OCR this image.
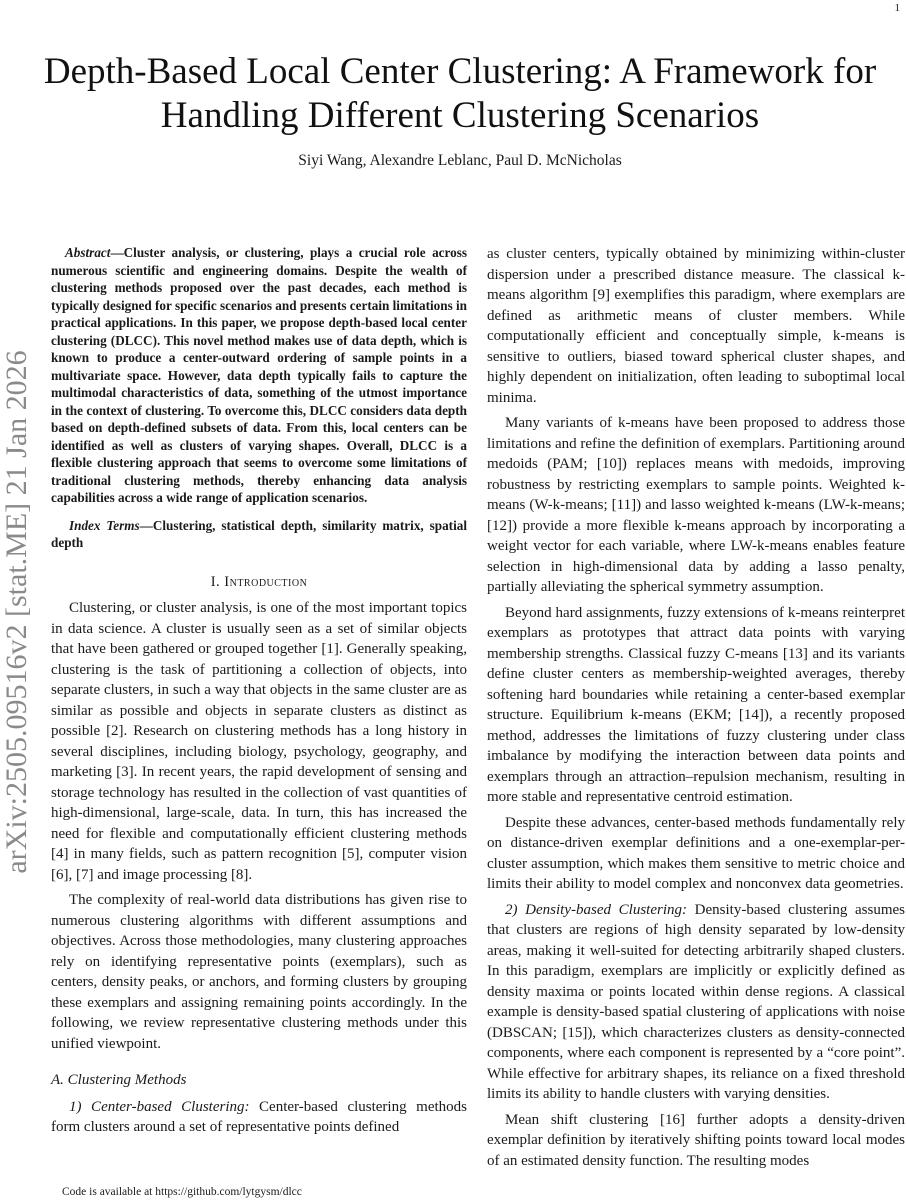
1
arXiv:2505.09516v2 [stat.ME] 21 Jan 2026
Depth-Based Local Center Clustering: A Framework for Handling Different Clustering Scenarios
Siyi Wang, Alexandre Leblanc, Paul D. McNicholas

Abstract—Cluster analysis, or clustering, plays a crucial role across numerous scientific and engineering domains. Despite the wealth of clustering methods proposed over the past decades, each method is typically designed for specific scenarios and presents certain limitations in practical applications. In this paper, we propose depth-based local center clustering (DLCC). This novel method makes use of data depth, which is known to produce a center-outward ordering of sample points in a multivariate space. However, data depth typically fails to capture the multimodal characteristics of data, something of the utmost importance in the context of clustering. To overcome this, DLCC considers data depth based on depth-defined subsets of data. From this, local centers can be identified as well as clusters of varying shapes. Overall, DLCC is a flexible clustering approach that seems to overcome some limitations of traditional clustering methods, thereby enhancing data analysis capabilities across a wide range of application scenarios.

Index Terms—Clustering, statistical depth, similarity matrix, spatial depth

I. Introduction

Clustering, or cluster analysis, is one of the most important topics in data science. A cluster is usually seen as a set of similar objects that have been gathered or grouped together [1]. Generally speaking, clustering is the task of partitioning a collection of objects, into separate clusters, in such a way that objects in the same cluster are as similar as possible and objects in separate clusters as distinct as possible [2]. Research on clustering methods has a long history in several disciplines, including biology, psychology, geography, and marketing [3]. In recent years, the rapid development of sensing and storage technology has resulted in the collection of vast quantities of high-dimensional, large-scale, data. In turn, this has increased the need for flexible and computationally efficient clustering methods [4] in many fields, such as pattern recognition [5], computer vision [6], [7] and image processing [8].

The complexity of real-world data distributions has given rise to numerous clustering algorithms with different assumptions and objectives. Across those methodologies, many clustering approaches rely on identifying representative points (exemplars), such as centers, density peaks, or anchors, and forming clusters by grouping these exemplars and assigning remaining points accordingly. In the following, we review representative clustering methods under this unified viewpoint.

A. Clustering Methods

1) Center-based Clustering: Center-based clustering methods form clusters around a set of representative points defined

as cluster centers, typically obtained by minimizing within-cluster dispersion under a prescribed distance measure. The classical k-means algorithm [9] exemplifies this paradigm, where exemplars are defined as arithmetic means of cluster members. While computationally efficient and conceptually simple, k-means is sensitive to outliers, biased toward spherical cluster shapes, and highly dependent on initialization, often leading to suboptimal local minima.

Many variants of k-means have been proposed to address those limitations and refine the definition of exemplars. Partitioning around medoids (PAM; [10]) replaces means with medoids, improving robustness by restricting exemplars to sample points. Weighted k-means (W-k-means; [11]) and lasso weighted k-means (LW-k-means; [12]) provide a more flexible k-means approach by incorporating a weight vector for each variable, where LW-k-means enables feature selection in high-dimensional data by adding a lasso penalty, partially alleviating the spherical symmetry assumption.

Beyond hard assignments, fuzzy extensions of k-means reinterpret exemplars as prototypes that attract data points with varying membership strengths. Classical fuzzy C-means [13] and its variants define cluster centers as membership-weighted averages, thereby softening hard boundaries while retaining a center-based exemplar structure. Equilibrium k-means (EKM; [14]), a recently proposed method, addresses the limitations of fuzzy clustering under class imbalance by modifying the interaction between data points and exemplars through an attraction–repulsion mechanism, resulting in more stable and representative centroid estimation.

Despite these advances, center-based methods fundamentally rely on distance-driven exemplar definitions and a one-exemplar-per-cluster assumption, which makes them sensitive to metric choice and limits their ability to model complex and nonconvex data geometries.

2) Density-based Clustering: Density-based clustering assumes that clusters are regions of high density separated by low-density areas, making it well-suited for detecting arbitrarily shaped clusters. In this paradigm, exemplars are implicitly or explicitly defined as density maxima or points located within dense regions. A classical example is density-based spatial clustering of applications with noise (DBSCAN; [15]), which characterizes clusters as density-connected components, where each component is represented by a “core point”. While effective for arbitrary shapes, its reliance on a fixed threshold limits its ability to handle clusters with varying densities.

Mean shift clustering [16] further adopts a density-driven exemplar definition by iteratively shifting points toward local modes of an estimated density function. The resulting modes

Code is available at https://github.com/lytgysm/dlcc
